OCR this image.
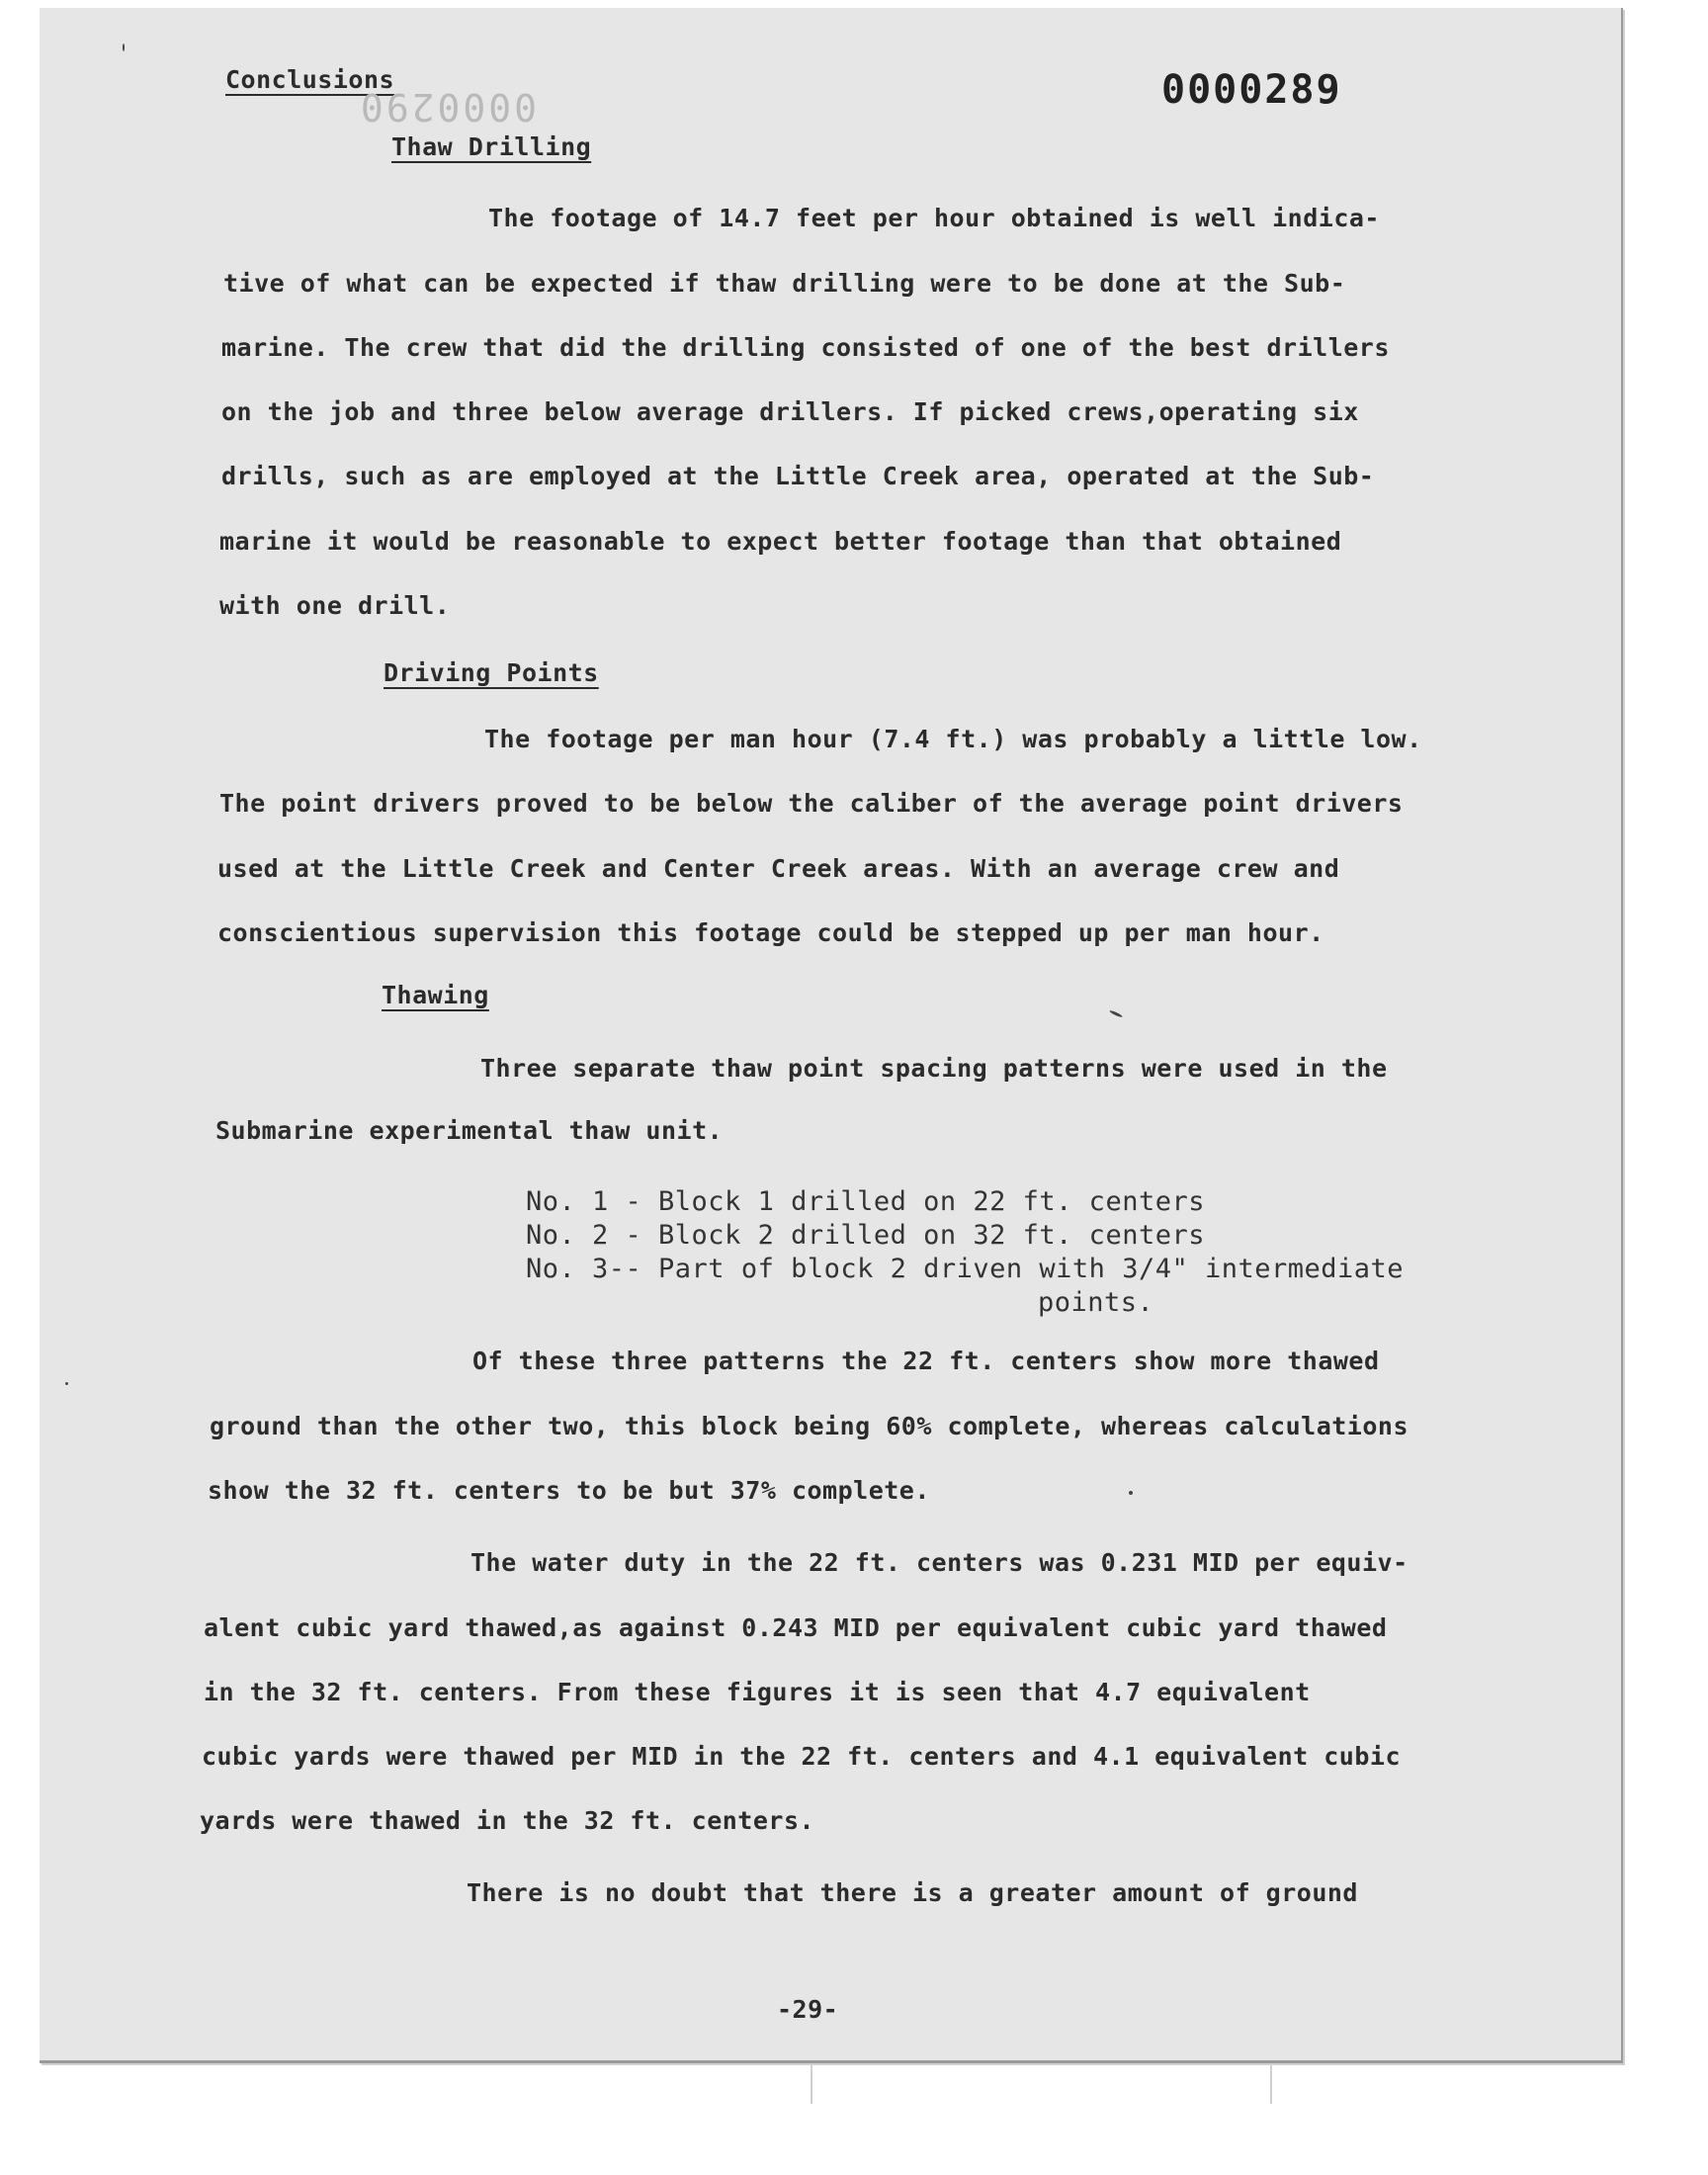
Conclusions	0000289
0000290
Thaw Drilling
The footage of 14.7 feet per hour obtained is well indica-
tive of what can be expected if thaw drilling were to be done at the Sub-
marine. The crew that did the drilling consisted of one of the best drillers
on the job and three below average drillers. If picked crews,operating six
drills, such as are employed at the Little Creek area, operated at the Sub-
marine it would be reasonable to expect better footage than that obtained
with one drill.
Driving Points
The footage per man hour (7.4 ft.) was probably a little low.
The point drivers proved to be below the caliber of the average point drivers
used at the Little Creek and Center Creek areas. With an average crew and
conscientious supervision this footage could be stepped up per man hour.
Thawing
Three separate thaw point spacing patterns were used in the
Submarine experimental thaw unit.
No. 1 - Block 1 drilled on 22 ft. centers
No. 2 - Block 2 drilled on 32 ft. centers
No. 3-- Part of block 2 driven with 3/4" intermediate
points.
Of these three patterns the 22 ft. centers show more thawed
ground than the other two, this block being 60% complete, whereas calculations
show the 32 ft. centers to be but 37% complete.
The water duty in the 22 ft. centers was 0.231 MID per equiv-
alent cubic yard thawed,as against 0.243 MID per equivalent cubic yard thawed
in the 32 ft. centers. From these figures it is seen that 4.7 equivalent
cubic yards were thawed per MID in the 22 ft. centers and 4.1 equivalent cubic
yards were thawed in the 32 ft. centers.
There is no doubt that there is a greater amount of ground
-29-
